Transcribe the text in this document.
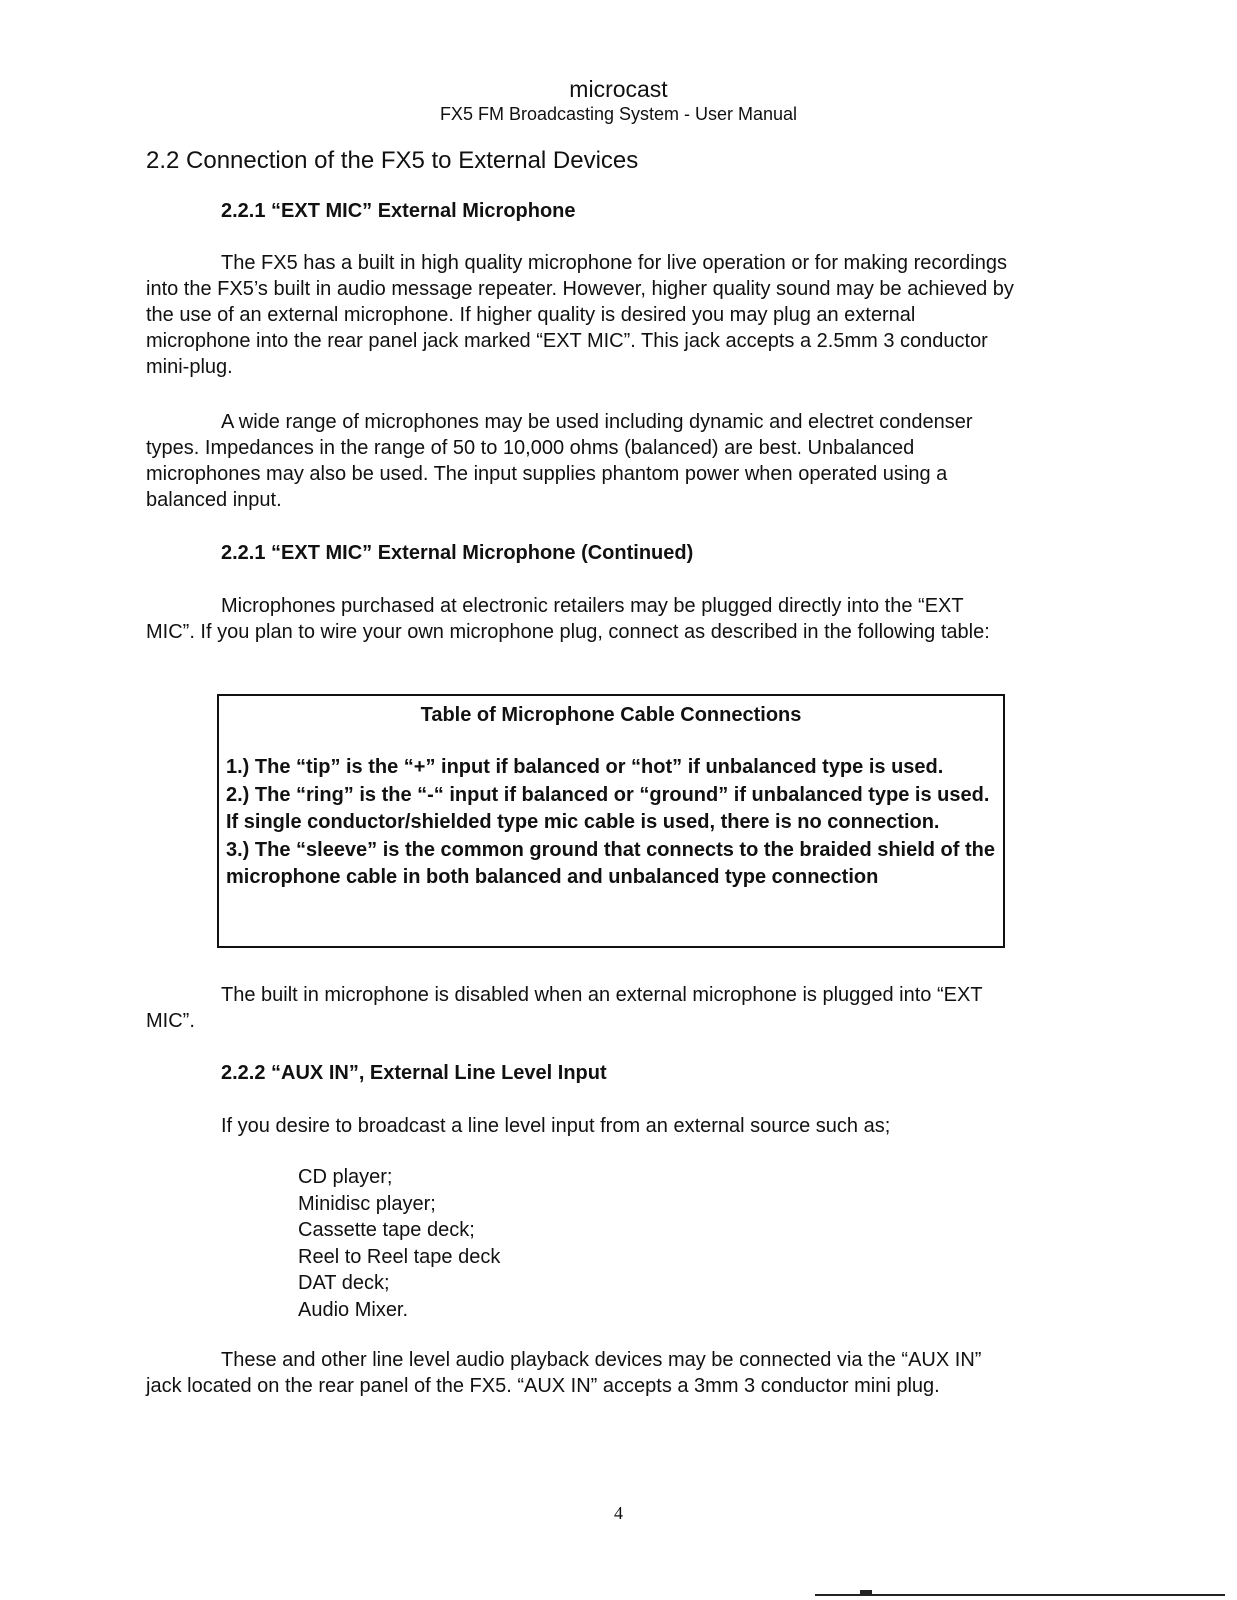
microcast
FX5 FM Broadcasting System - User Manual
2.2 Connection of the FX5 to External Devices
2.2.1 “EXT MIC” External Microphone

The FX5 has a built in high quality microphone for live operation or for making recordings into the FX5’s built in audio message repeater. However, higher quality sound may be achieved by the use of an external microphone. If higher quality is desired you may plug an external microphone into the rear panel jack marked “EXT MIC”. This jack accepts a 2.5mm 3 conductor mini-plug.

A wide range of microphones may be used including dynamic and electret condenser types. Impedances in the range of 50 to 10,000 ohms (balanced) are best. Unbalanced microphones may also be used. The input supplies phantom power when operated using a balanced input.

2.2.1 “EXT MIC” External Microphone (Continued)

Microphones purchased at electronic retailers may be plugged directly into the “EXT MIC”. If you plan to wire your own microphone plug, connect as described in the following table:

Table of Microphone Cable Connections

1.) The “tip” is the “+” input if balanced or “hot” if unbalanced type is used.

2.) The “ring” is the “-“ input if balanced or “ground” if unbalanced type is used. If single conductor/shielded type mic cable is used, there is no connection.

3.) The “sleeve” is the common ground that connects to the braided shield of the microphone cable in both balanced and unbalanced type connection

The built in microphone is disabled when an external microphone is plugged into “EXT MIC”.

2.2.2 “AUX IN”, External Line Level Input

If you desire to broadcast a line level input from an external source such as;

CD player;
Minidisc player;
Cassette tape deck;
Reel to Reel tape deck
DAT deck;
Audio Mixer.

These and other line level audio playback devices may be connected via the “AUX IN” jack located on the rear panel of the FX5. “AUX IN” accepts a 3mm 3 conductor mini plug.

4
